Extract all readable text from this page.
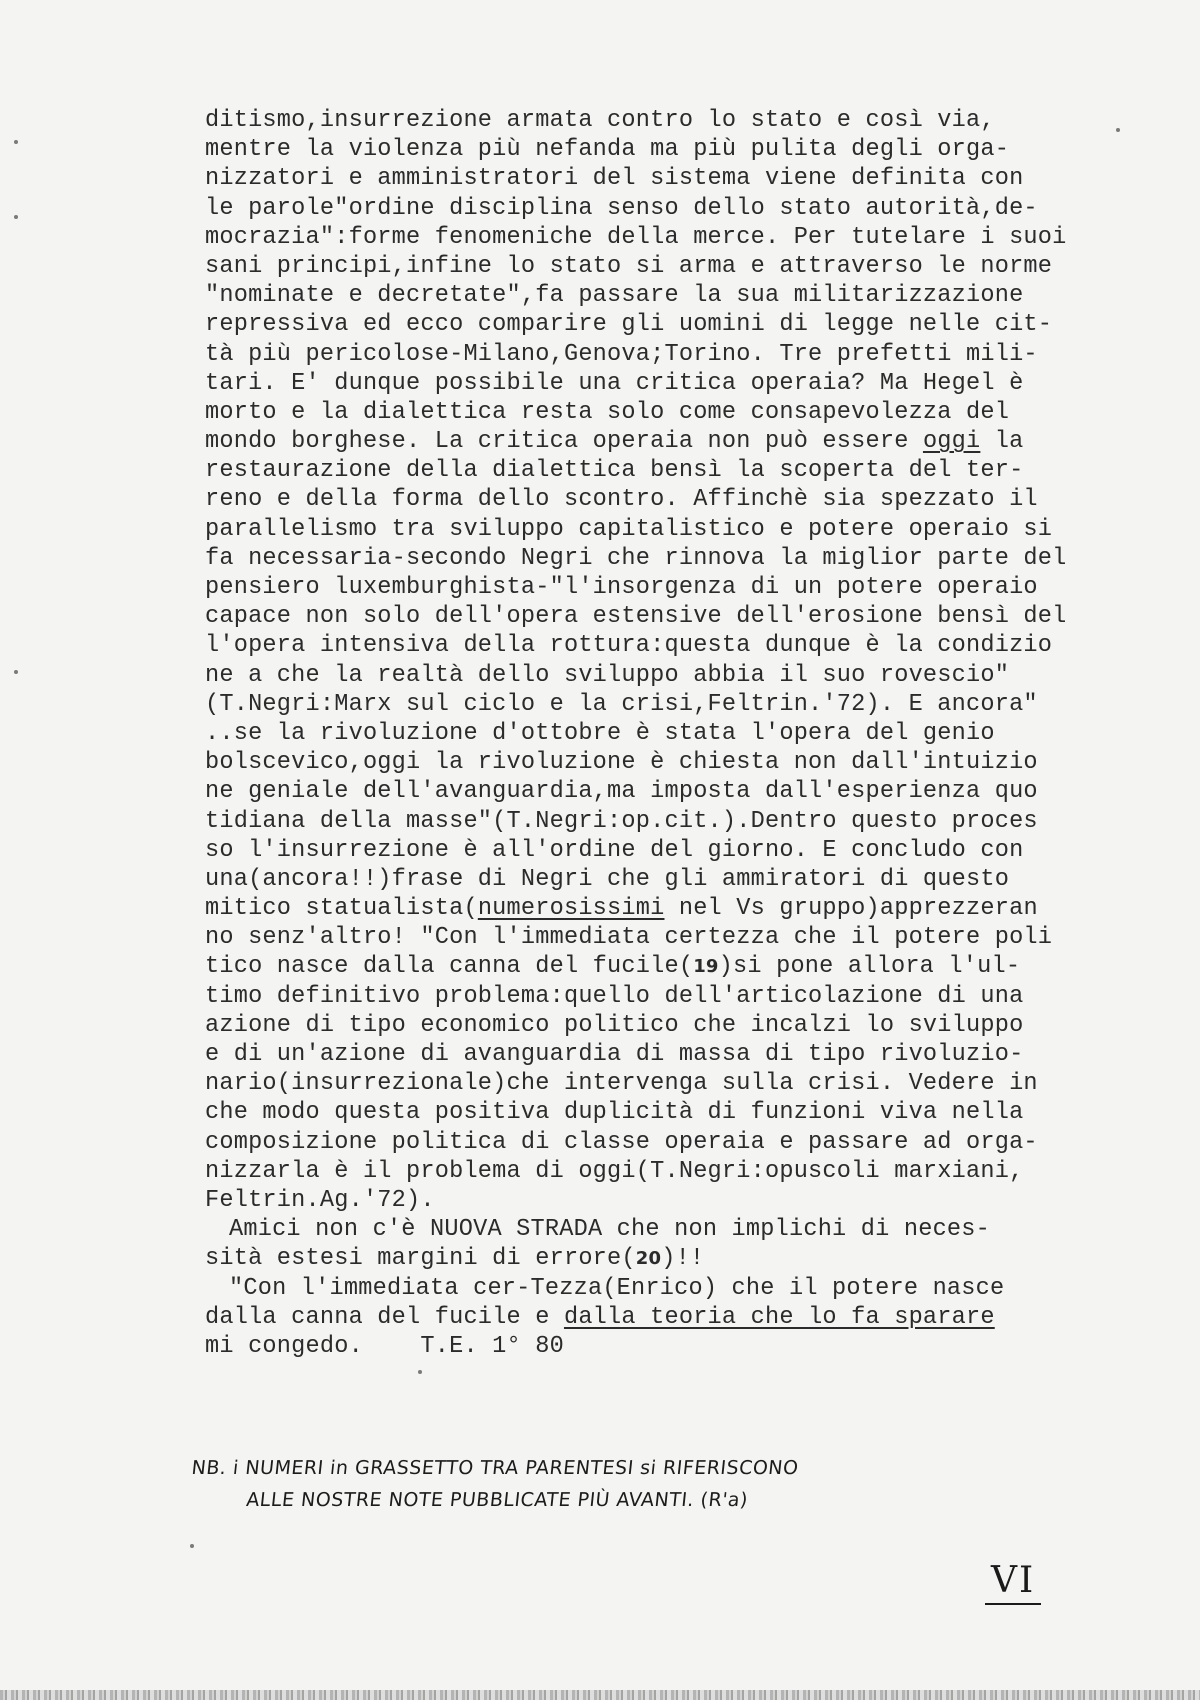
ditismo,insurrezione armata contro lo stato e così via,
mentre la violenza più nefanda ma più pulita degli orga-
nizzatori e amministratori del sistema viene definita con
le parole"ordine disciplina senso dello stato autorità,de-
mocrazia":forme fenomeniche della merce. Per tutelare i suoi
sani principi,infine lo stato si arma e attraverso le norme
"nominate e decretate",fa passare la sua militarizzazione
repressiva ed ecco comparire gli uomini di legge nelle cit-
tà più pericolose-Milano,Genova;Torino. Tre prefetti mili-
tari. E' dunque possibile una critica operaia? Ma Hegel è
morto e la dialettica resta solo come consapevolezza del
mondo borghese. La critica operaia non può essere oggi la
restaurazione della dialettica bensì la scoperta del ter-
reno e della forma dello scontro. Affinchè sia spezzato il
parallelismo tra sviluppo capitalistico e potere operaio si
fa necessaria-secondo Negri che rinnova la miglior parte del
pensiero luxemburghista-"l'insorgenza di un potere operaio
capace non solo dell'opera estensive dell'erosione bensì del
l'opera intensiva della rottura:questa dunque è la condizio
ne a che la realtà dello sviluppo abbia il suo rovescio"
(T.Negri:Marx sul ciclo e la crisi,Feltrin.'72). E ancora"
..se la rivoluzione d'ottobre è stata l'opera del genio
bolscevico,oggi la rivoluzione è chiesta non dall'intuizio
ne geniale dell'avanguardia,ma imposta dall'esperienza quo
tidiana della masse"(T.Negri:op.cit.).Dentro questo proces
so l'insurrezione è all'ordine del giorno. E concludo con
una(ancora!!)frase di Negri che gli ammiratori di questo
mitico statualista(numerosissimi nel Vs gruppo)apprezzeran
no senz'altro! "Con l'immediata certezza che il potere poli
tico nasce dalla canna del fucile(19)si pone allora l'ul-
timo definitivo problema:quello dell'articolazione di una
azione di tipo economico politico che incalzi lo sviluppo
e di un'azione di avanguardia di massa di tipo rivoluzio-
nario(insurrezionale)che intervenga sulla crisi. Vedere in
che modo questa positiva duplicità di funzioni viva nella
composizione politica di classe operaia e passare ad orga-
nizzarla è il problema di oggi(T.Negri:opuscoli marxiani,
Feltrin.Ag.'72).
Amici non c'è NUOVA STRADA che non implichi di neces-
sità estesi margini di errore(20)!!
"Con l'immediata cer-Tezza(Enrico) che il potere nasce
dalla canna del fucile e dalla teoria che lo fa sparare
mi congedo.    T.E. 1° 80
NB. i NUMERI in GRASSETTO TRA PARENTESI si RIFERISCONO
ALLE NOSTRE NOTE PUBBLICATE PIÙ AVANTI. (R'a)
VI
